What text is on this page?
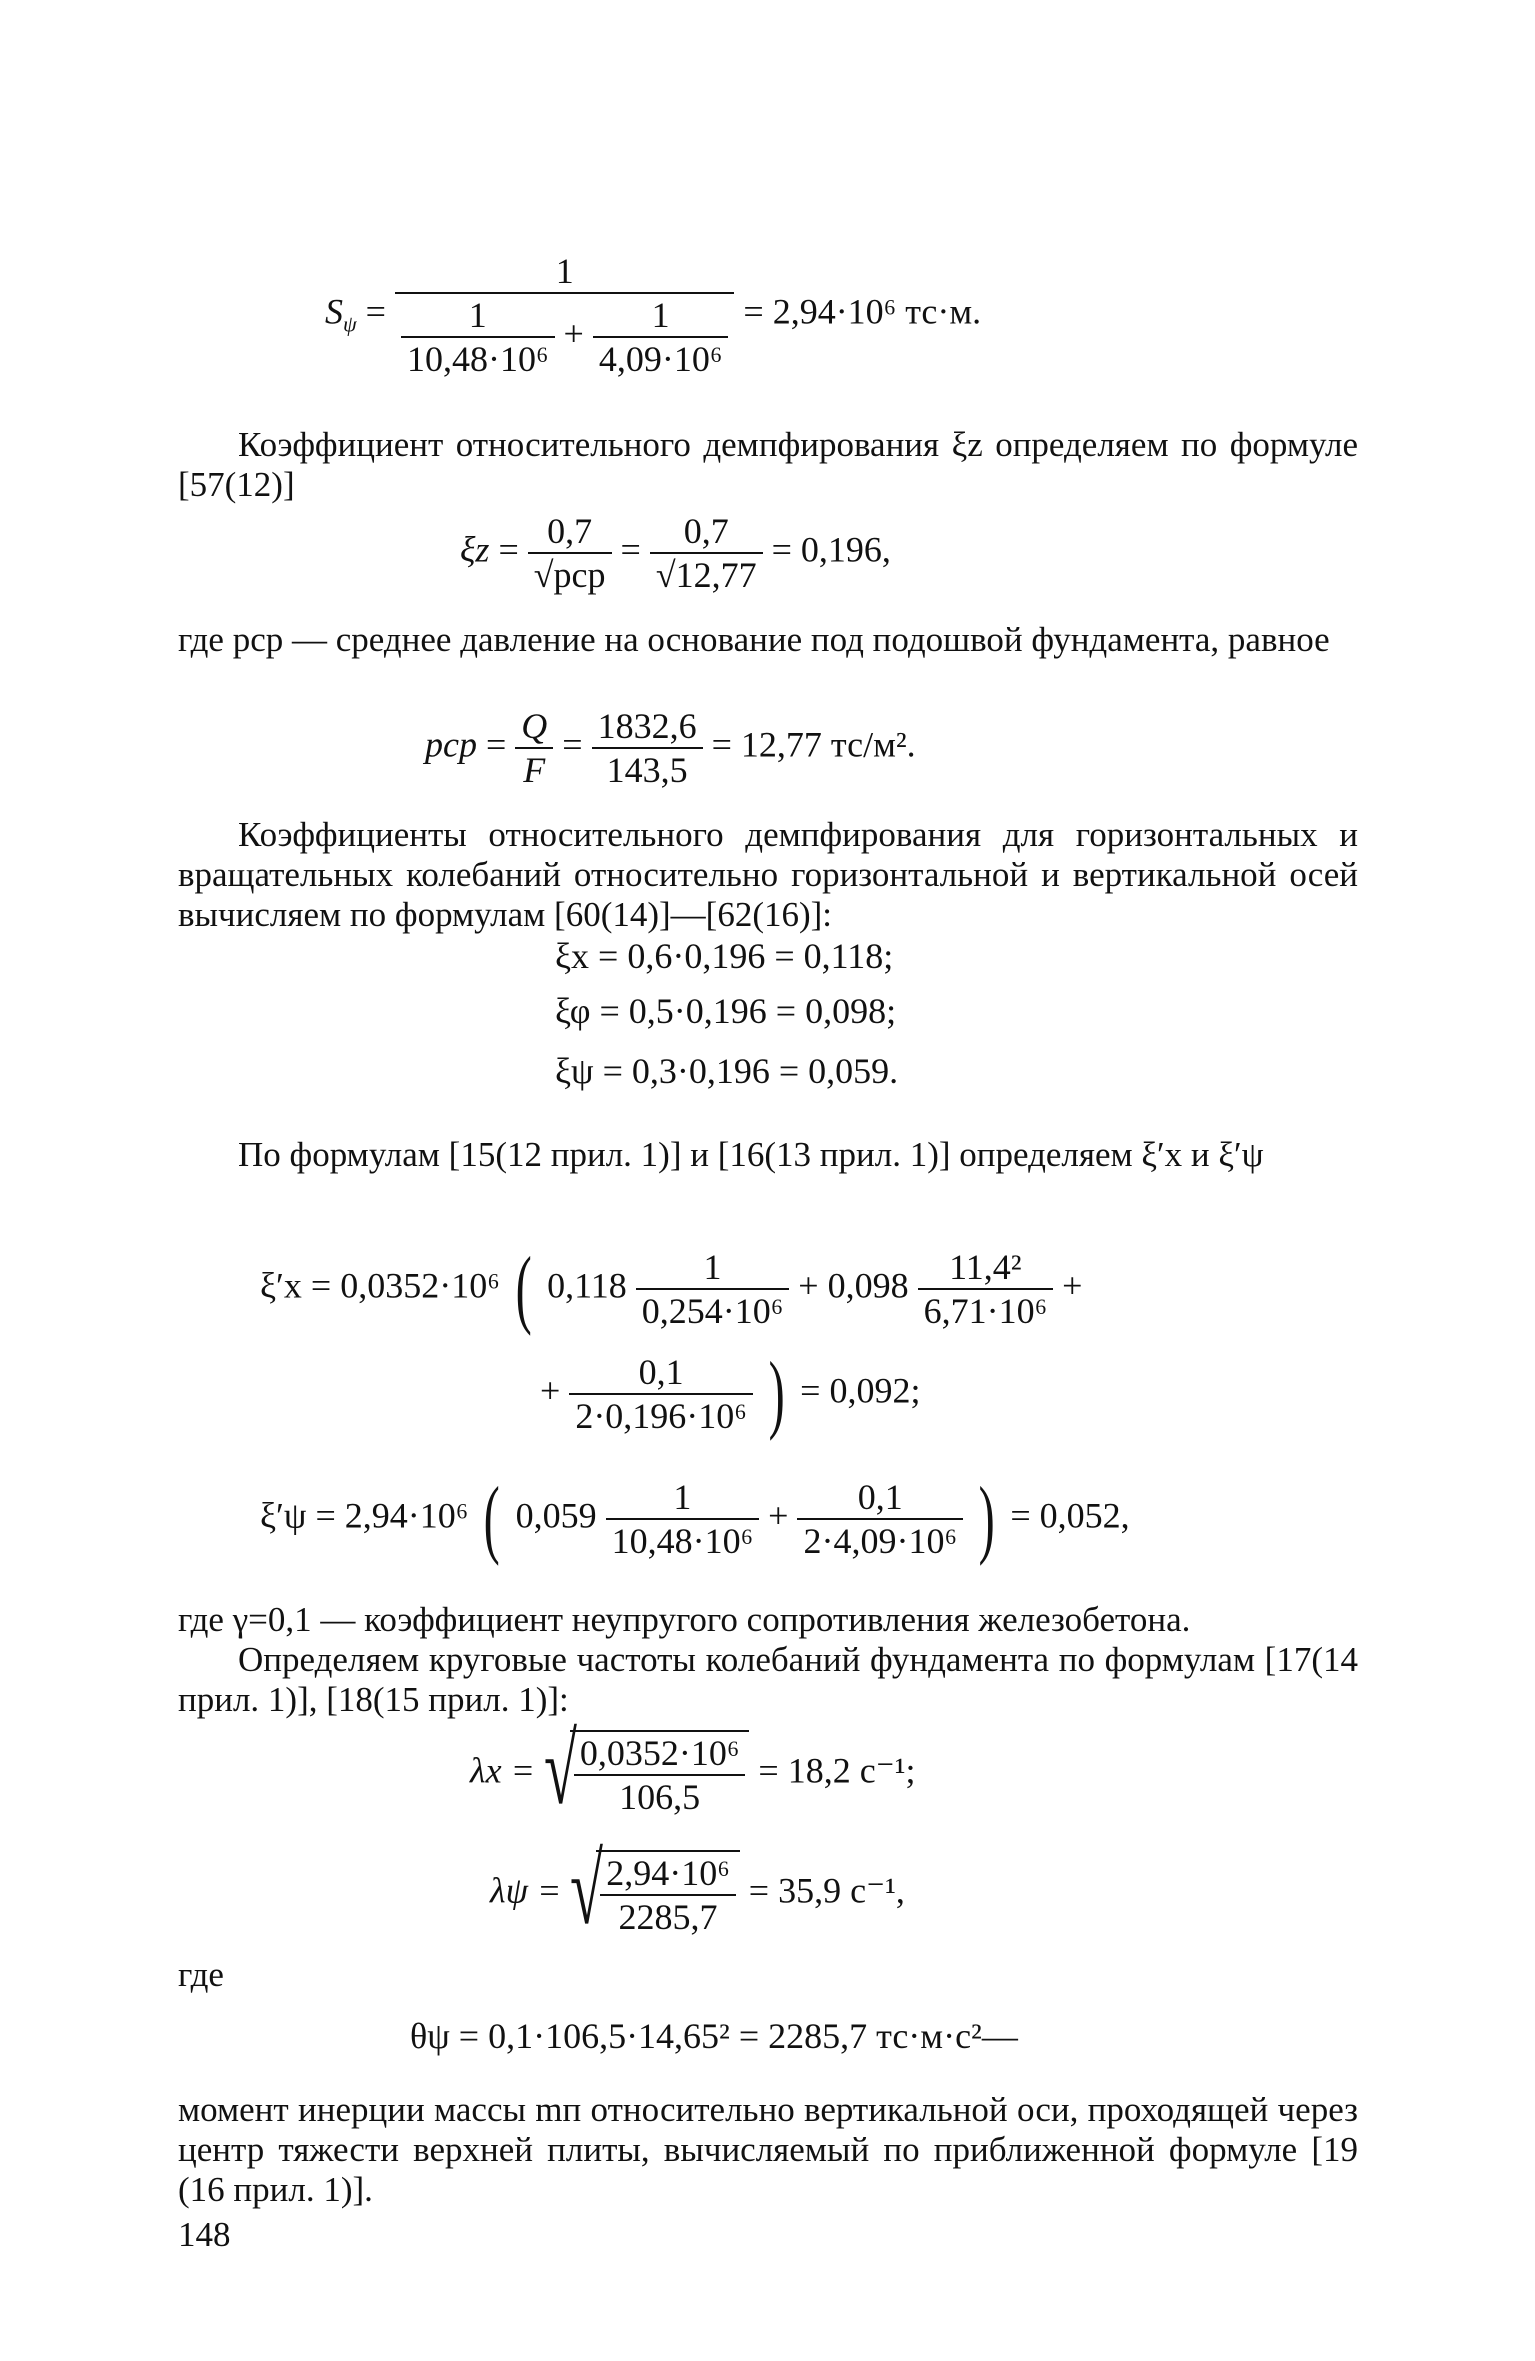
$S_\psi$ =
1
$\frac{1}{\text{10,48·10⁶}} + \frac{1}{\text{4,09·10⁶}} = 2,94\cdot 10^6$ тс·м.
Коэффициент относительного демпфирования ξz определяем по формуле [57(12)]
$\xi z = \frac{0,7}{\text{√pср}} = \frac{0,7}{√12,77} = 0,196$,
где pср — среднее давление на основание под подошвой фундамента, равное
pср = $\frac{Q}{F} = \frac{1832,6}{143,5} = 12,77$ тс/м².
Коэффициенты относительного демпфирования для горизонтальных и вращательных колебаний относительно горизонтальной и вертикальной осей вычисляем по формулам [60(14)]—[62(16)]:
ξx = 0,6·0,196 = 0,118;
ξφ = 0,5·0,196 = 0,098;
ξψ = 0,3·0,196 = 0,059.
По формулам [15(12 прил. 1)] и [16(13 прил. 1)] определяем ξ′x и ξ′ψ
ξ′x = 0,0352·10⁶ ( $0,118 \frac{1}{\text{0,254·10⁶}} + 0,098 \frac{\text{11,4²}}{\text{6,71·10⁶}}$ +
+ $\frac{0,1}{\text{2·0,196·10⁶}}$ ) = 0,092;
ξ′ψ = 2,94·10⁶ ( $0,059 \frac{1}{\text{10,48·10⁶}} + \frac{0,1}{\text{2·4,09·10⁶}}$ ) = 0,052,
где γ=0,1 — коэффициент неупругого сопротивления железобетона.
Определяем круговые частоты колебаний фундамента по формулам [17(14 прил. 1)], [18(15 прил. 1)]:
λx = √
$\frac{\text{0,0352·10⁶}}{106,5} = 18,2$ с⁻¹;
λψ = √
$\frac{\text{2,94·10⁶}}{2285,7} = 35,9$ с⁻¹,
где
θψ = 0,1·106,5·14,65² = 2285,7 тс·м·с²—
момент инерции массы mп относительно вертикальной оси, проходящей через центр тяжести верхней плиты, вычисляемый по приближенной формуле [19 (16 прил. 1)].
148
